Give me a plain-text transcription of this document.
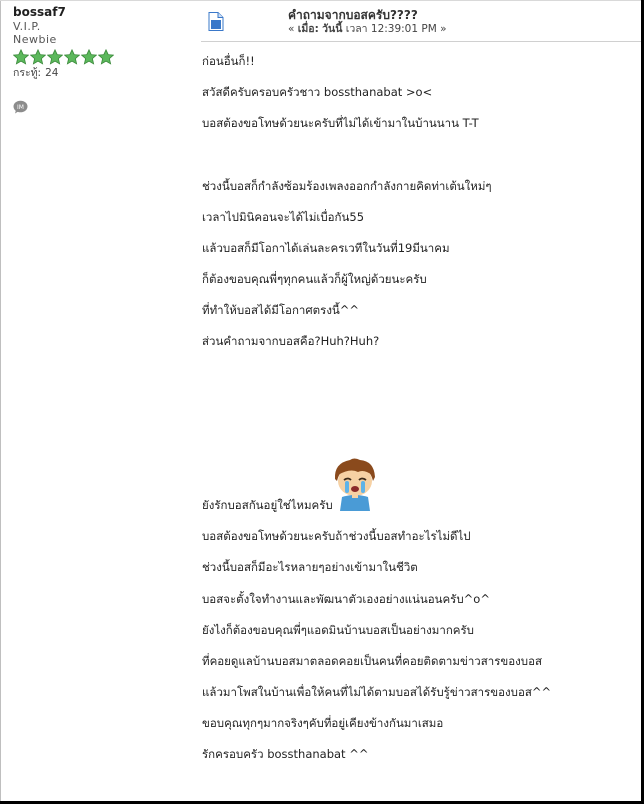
bossaf7
V.I.P.
Newbie
กระทู้: 24
IM
คำถามจากบอสครับ????
« เมื่อ: วันนี้ เวลา 12:39:01 PM »
ก่อนอื่นก็!!
สวัสดีครับครอบครัวชาว bossthanabat >o<
บอสต้องขอโทษด้วยนะครับที่ไม่ได้เข้ามาในบ้านนาน T-T
ช่วงนี้บอสก็กำลังซ้อมร้องเพลงออกกำลังกายคิดท่าเต้นใหม่ๆ
เวลาไปมินิคอนจะได้ไม่เบื่อกัน55
แล้วบอสก็มีโอกาได้เล่นละครเวทีในวันที่19มีนาคม
ก็ต้องขอบคุณพี่ๆทุกคนแล้วก็ผู้ใหญ่ด้วยนะครับ
ที่ทำให้บอสได้มีโอกาศตรงนี้^^
ส่วนคำถามจากบอสคือ?Huh?Huh?
ยังรักบอสกันอยู่ใช่ไหมครับ
บอสต้องขอโทษด้วยนะครับถ้าช่วงนี้บอสทำอะไรไม่ดีไป
ช่วงนี้บอสก็มีอะไรหลายๆอย่างเข้ามาในชีวิต
บอสจะตั้งใจทำงานและพัฒนาตัวเองอย่างแน่นอนครับ^o^
ยังไงก็ต้องขอบคุณพี่ๆแอดมินบ้านบอสเป็นอย่างมากครับ
ที่คอยดูแลบ้านบอสมาตลอดคอยเป็นคนที่คอยติดตามข่าวสารของบอส
แล้วมาโพสในบ้านเพื่อให้คนที่ไม่ได้ตามบอสได้รับรู้ข่าวสารของบอส^^
ขอบคุณทุกๆมากจริงๆคับที่อยู่เคียงข้างกันมาเสมอ
รักครอบครัว bossthanabat ^^
